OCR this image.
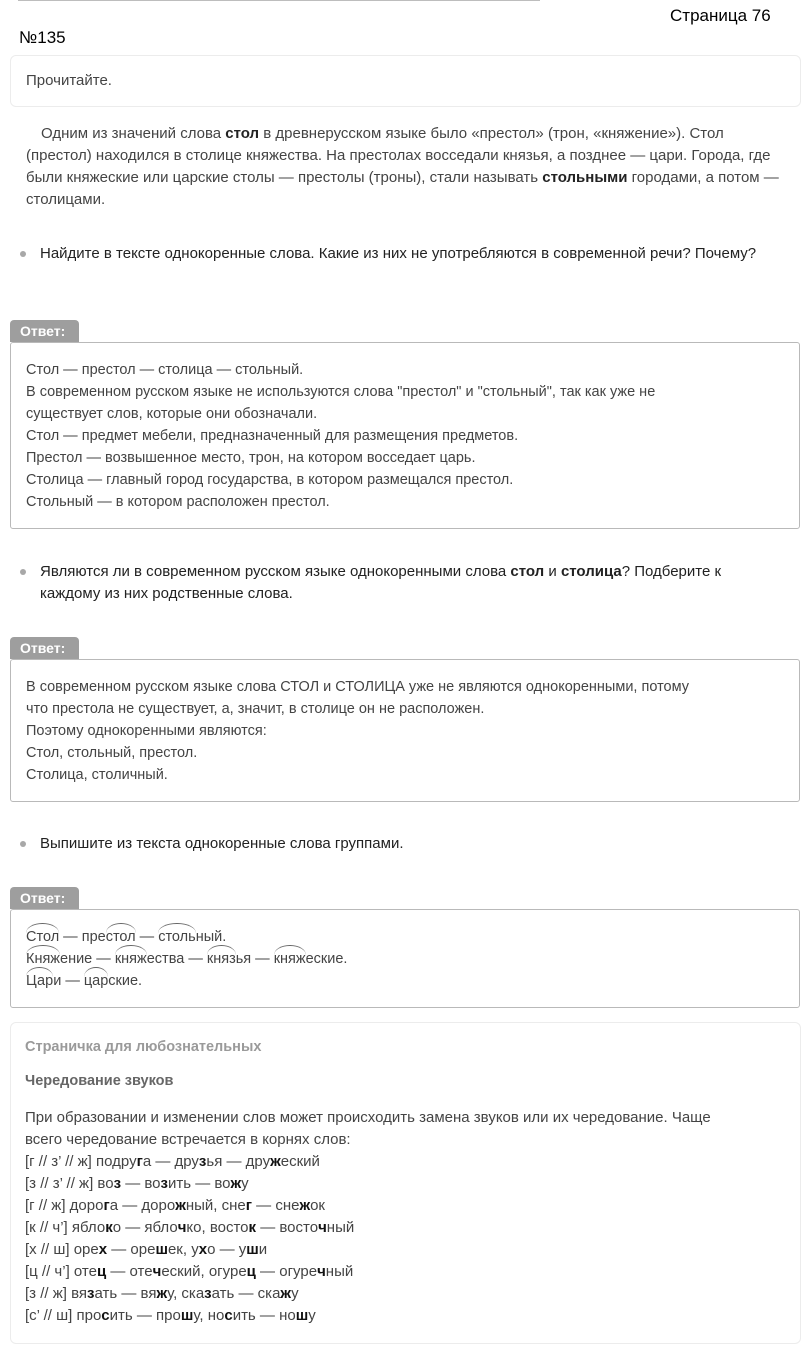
Страница 76
№135
Прочитайте.
Одним из значений слова стол в древнерусском языке было «престол» (трон, «княжение»). Стол (престол) находился в столице княжества. На престолах восседали князья, а позднее — цари. Города, где были княжеские или царские столы — престолы (троны), стали называть стольными городами, а потом — столицами.
Найдите в тексте однокоренные слова. Какие из них не употребляются в современной речи? Почему?
Ответ:
Стол — престол — столица — стольный.
В современном русском языке не используются слова "престол" и "стольный", так как уже не
существует слов, которые они обозначали.
Стол — предмет мебели, предназначенный для размещения предметов.
Престол — возвышенное место, трон, на котором восседает царь.
Столица — главный город государства, в котором размещался престол.
Стольный — в котором расположен престол.
Являются ли в современном русском языке однокоренными слова стол и столица? Подберите к каждому из них родственные слова.
Ответ:
В современном русском языке слова СТОЛ и СТОЛИЦА уже не являются однокоренными, потому
что престола не существует, а, значит, в столице он не расположен.
Поэтому однокоренными являются:
Стол, стольный, престол.
Столица, столичный.
Выпишите из текста однокоренные слова группами.
Ответ:
Стол — престол — стольный.
Княжение — княжества — князья — княжеские.
Цари — царские.
Страничка для любознательных
Чередование звуков
При образовании и изменении слов может происходить замена звуков или их чередование. Чаще
всего чередование встречается в корнях слов:
[г // з’ // ж] подруга — друзья — дружеский
[з // з’ // ж] воз — возить — вожу
[г // ж] дорога — дорожный, снег — снежок
[к // ч’] яблоко — яблочко, восток — восточный
[х // ш] орех — орешек, ухо — уши
[ц // ч’] отец — отеческий, огурец — огуречный
[з // ж] вязать — вяжу, сказать — скажу
[с’ // ш] просить — прошу, носить — ношу
